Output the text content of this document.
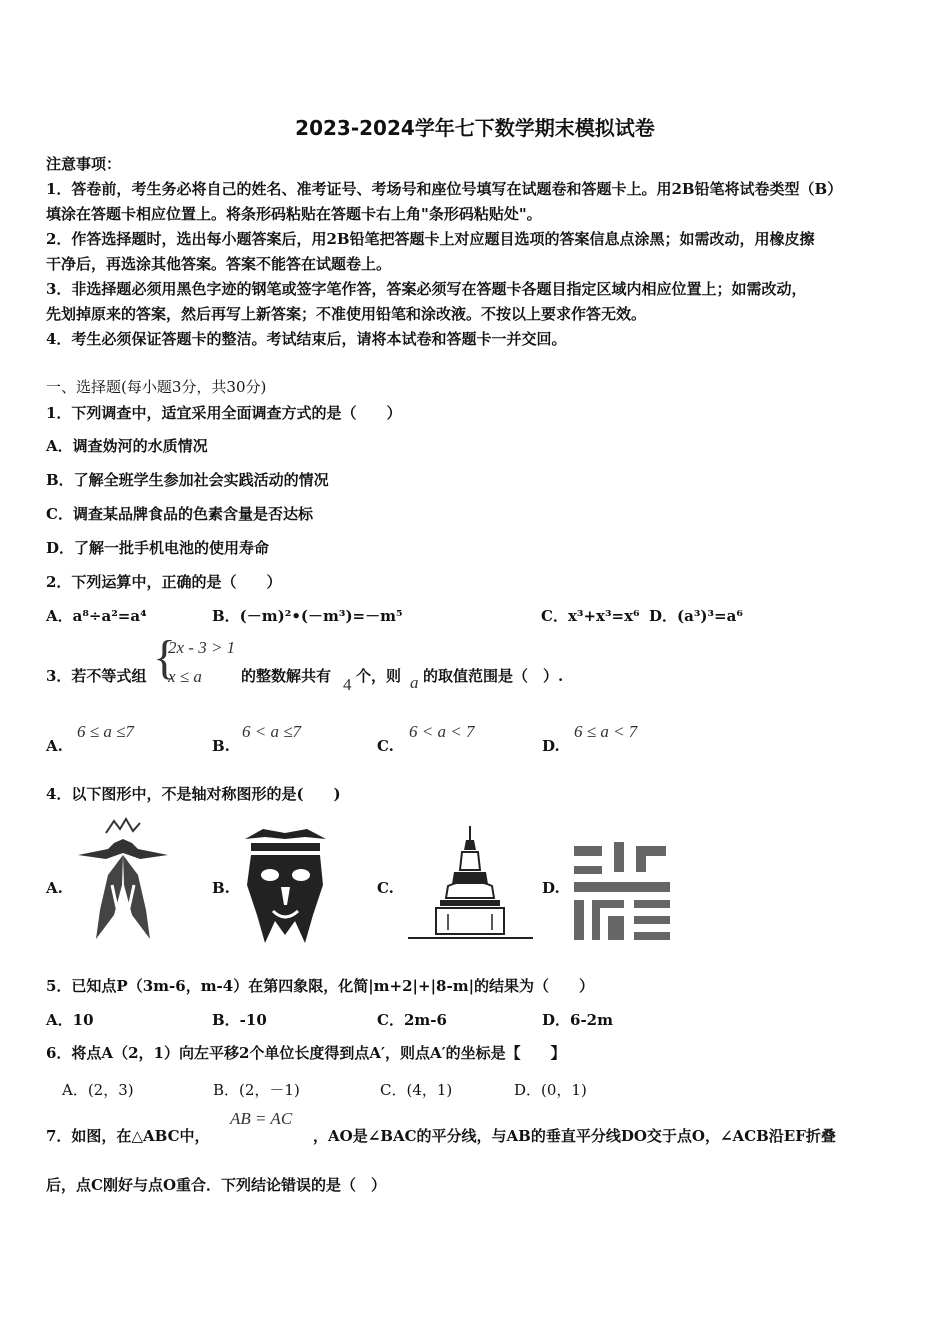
2023-2024学年七下数学期末模拟试卷
注意事项：
1．答卷前，考生务必将自己的姓名、准考证号、考场号和座位号填写在试题卷和答题卡上。用2B铅笔将试卷类型（B）
填涂在答题卡相应位置上。将条形码粘贴在答题卡右上角"条形码粘贴处"。
2．作答选择题时，选出每小题答案后，用2B铅笔把答题卡上对应题目选项的答案信息点涂黑；如需改动，用橡皮擦
干净后，再选涂其他答案。答案不能答在试题卷上。
3．非选择题必须用黑色字迹的钢笔或签字笔作答，答案必须写在答题卡各题目指定区域内相应位置上；如需改动，
先划掉原来的答案，然后再写上新答案；不准使用铅笔和涂改液。不按以上要求作答无效。
4．考生必须保证答题卡的整洁。考试结束后，请将本试卷和答题卡一并交回。
一、选择题(每小题3分，共30分)
1．下列调查中，适宜采用全面调查方式的是（　　）
A．调查妫河的水质情况
B．了解全班学生参加社会实践活动的情况
C．调查某品牌食品的色素含量是否达标
D．了解一批手机电池的使用寿命
2．下列运算中，正确的是（　　）
A．a⁸÷a²=a⁴	B．(－m)²•(－m³)=－m⁵	C．x³+x³=x⁶ D．(a³)³=a⁶
3．若不等式组 {
2x - 3 > 1
x ≤ a	的整数解共有 4 个，则 a 的取值范围是（　）.
A.
6 ≤ a ≤7
B.
6 < a ≤7
C.
6 < a < 7
D.
6 ≤ a < 7
4．以下图形中，不是轴对称图形的是(　　)
A.	B.	C.	D.
5．已知点P（3m-6，m-4）在第四象限，化简|m+2|+|8-m|的结果为（　　）
A．10	B．-10	C．2m-6	D．6-2m
6．将点A（2，1）向左平移2个单位长度得到点A′，则点A′的坐标是【　　】
A．(2，3)	B．(2，－1)	C．(4，1)	D．(0，1)
7．如图，在△ABC中，
AB = AC
，AO是∠BAC的平分线，与AB的垂直平分线DO交于点O，∠ACB沿EF折叠
后，点C刚好与点O重合．下列结论错误的是（　）
